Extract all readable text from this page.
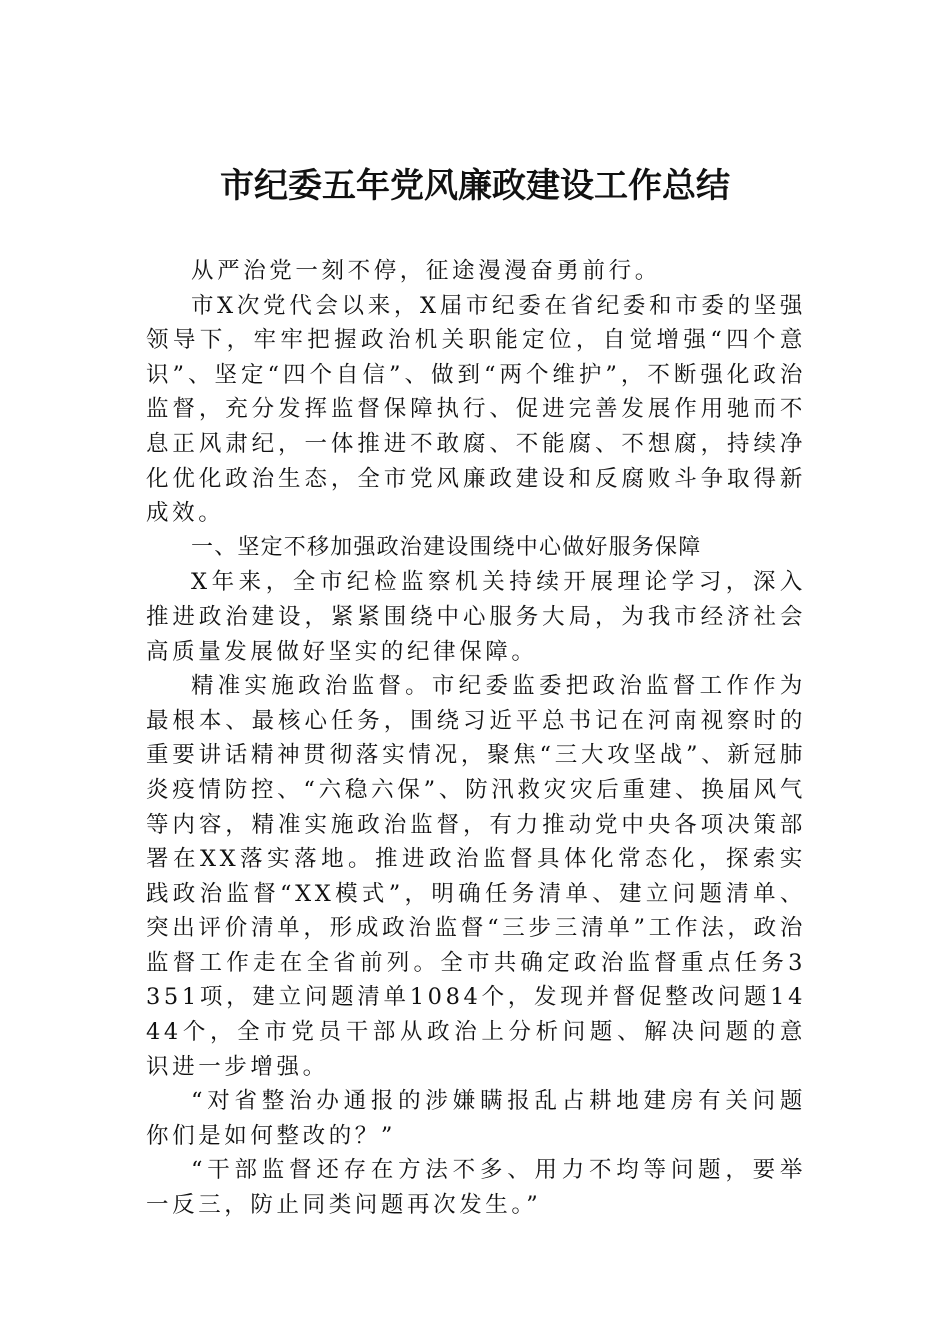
市纪委五年党风廉政建设工作总结

从严治党一刻不停，征途漫漫奋勇前行。

市X次党代会以来，X届市纪委在省纪委和市委的坚强领导下，牢牢把握政治机关职能定位，自觉增强“四个意识”、坚定“四个自信”、做到“两个维护”，不断强化政治监督，充分发挥监督保障执行、促进完善发展作用驰而不息正风肃纪，一体推进不敢腐、不能腐、不想腐，持续净化优化政治生态，全市党风廉政建设和反腐败斗争取得新成效。

一、坚定不移加强政治建设围绕中心做好服务保障

X年来，全市纪检监察机关持续开展理论学习，深入推进政治建设，紧紧围绕中心服务大局，为我市经济社会高质量发展做好坚实的纪律保障。

精准实施政治监督。市纪委监委把政治监督工作作为最根本、最核心任务，围绕习近平总书记在河南视察时的重要讲话精神贯彻落实情况，聚焦“三大攻坚战”、新冠肺炎疫情防控、“六稳六保”、防汛救灾灾后重建、换届风气等内容，精准实施政治监督，有力推动党中央各项决策部署在XX落实落地。推进政治监督具体化常态化，探索实践政治监督“XX模式”，明确任务清单、建立问题清单、突出评价清单，形成政治监督“三步三清单”工作法，政治监督工作走在全省前列。全市共确定政治监督重点任务3351项，建立问题清单1084个，发现并督促整改问题1444个，全市党员干部从政治上分析问题、解决问题的意识进一步增强。

“对省整治办通报的涉嫌瞒报乱占耕地建房有关问题你们是如何整改的？”

“干部监督还存在方法不多、用力不均等问题，要举一反三，防止同类问题再次发生。”
